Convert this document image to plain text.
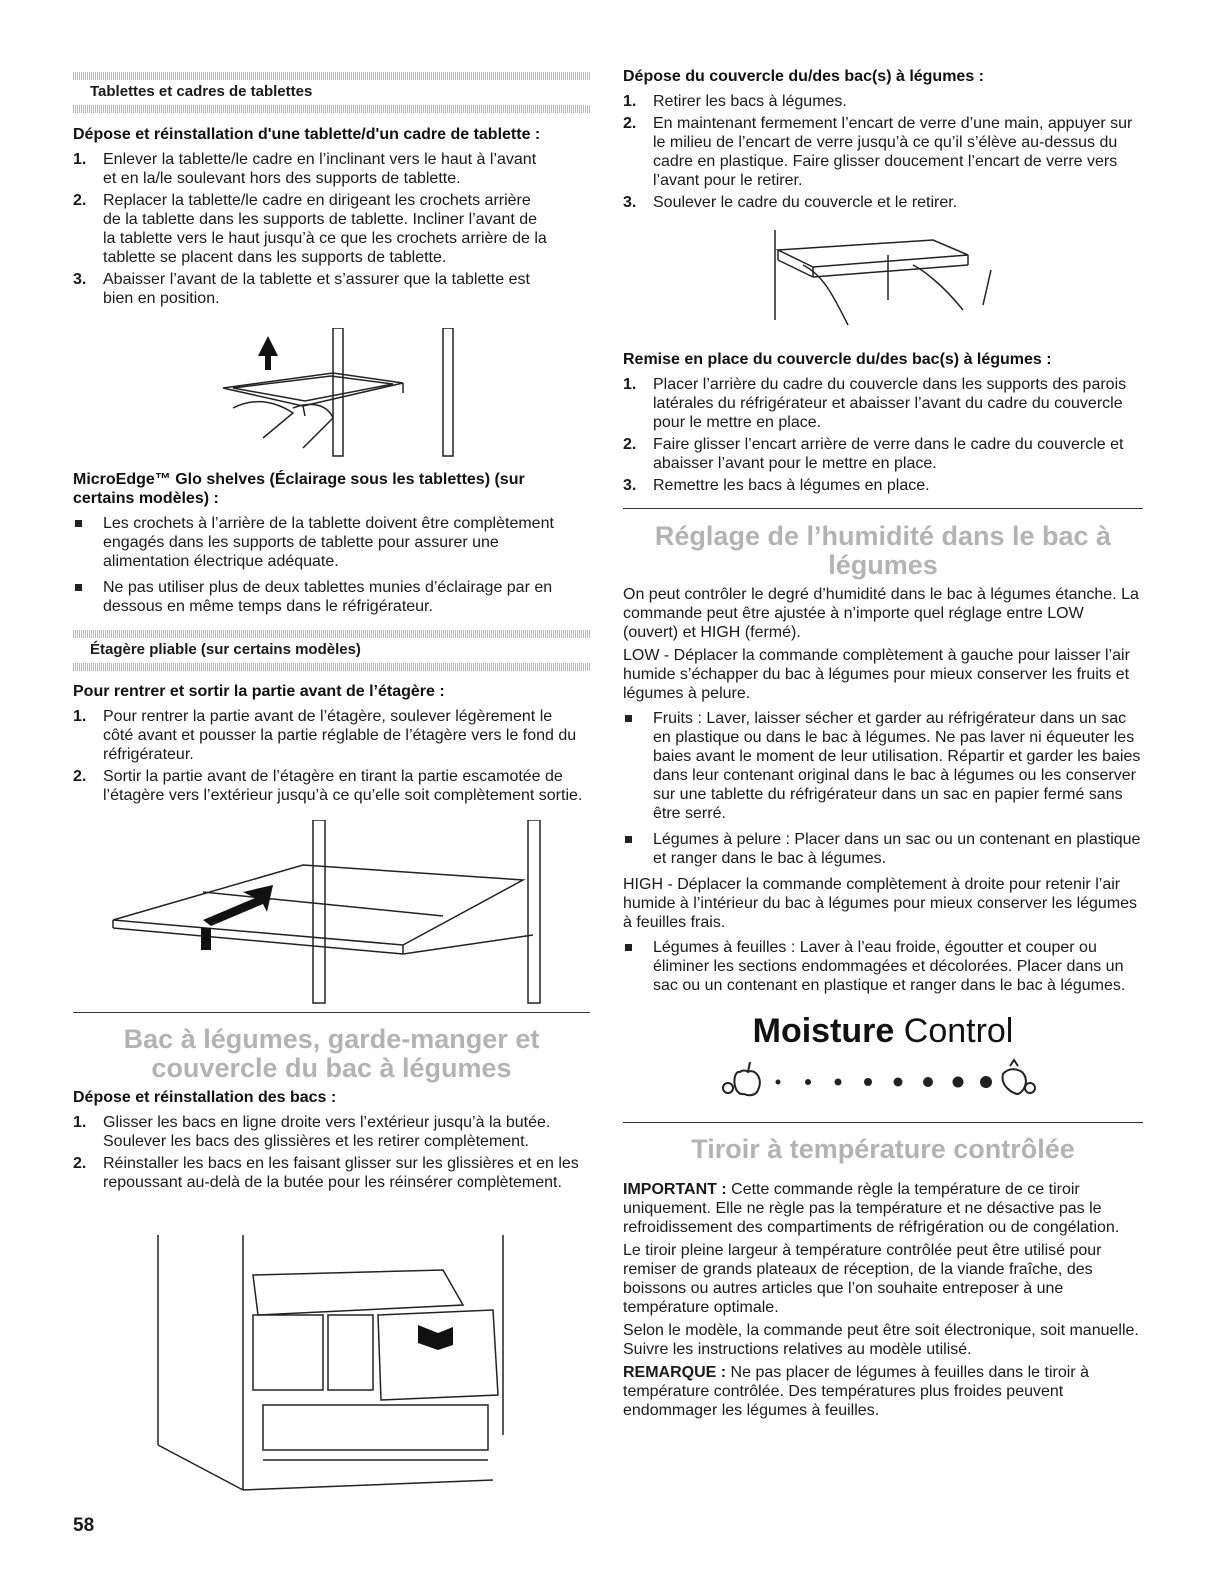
Tablettes et cadres de tablettes
Dépose et réinstallation d'une tablette/d'un cadre de tablette :
1. Enlever la tablette/le cadre en l’inclinant vers le haut à l’avant et en la/le soulevant hors des supports de tablette.
2. Replacer la tablette/le cadre en dirigeant les crochets arrière de la tablette dans les supports de tablette. Incliner l’avant de la tablette vers le haut jusqu’à ce que les crochets arrière de la tablette se placent dans les supports de tablette.
3. Abaisser l’avant de la tablette et s’assurer que la tablette est bien en position.
MicroEdge™ Glo shelves (Éclairage sous les tablettes) (sur certains modèles) :
Les crochets à l’arrière de la tablette doivent être complètement engagés dans les supports de tablette pour assurer une alimentation électrique adéquate.
Ne pas utiliser plus de deux tablettes munies d’éclairage par en dessous en même temps dans le réfrigérateur.
Étagère pliable (sur certains modèles)
Pour rentrer et sortir la partie avant de l’étagère :
1. Pour rentrer la partie avant de l’étagère, soulever légèrement le côté avant et pousser la partie réglable de l’étagère vers le fond du réfrigérateur.
2. Sortir la partie avant de l’étagère en tirant la partie escamotée de l’étagère vers l’extérieur jusqu’à ce qu’elle soit complètement sortie.
Bac à légumes, garde-manger et
couvercle du bac à légumes
Dépose et réinstallation des bacs :
1. Glisser les bacs en ligne droite vers l’extérieur jusqu’à la butée. Soulever les bacs des glissières et les retirer complètement.
2. Réinstaller les bacs en les faisant glisser sur les glissières et en les repoussant au-delà de la butée pour les réinsérer complètement.
58
Dépose du couvercle du/des bac(s) à légumes :
1. Retirer les bacs à légumes.
2. En maintenant fermement l’encart de verre d’une main, appuyer sur le milieu de l’encart de verre jusqu’à ce qu’il s’élève au-dessus du cadre en plastique. Faire glisser doucement l’encart de verre vers l’avant pour le retirer.
3. Soulever le cadre du couvercle et le retirer.
Remise en place du couvercle du/des bac(s) à légumes :
1. Placer l’arrière du cadre du couvercle dans les supports des parois latérales du réfrigérateur et abaisser l’avant du cadre du couvercle pour le mettre en place.
2. Faire glisser l’encart arrière de verre dans le cadre du couvercle et abaisser l’avant pour le mettre en place.
3. Remettre les bacs à légumes en place.
Réglage de l’humidité dans le bac à
légumes

On peut contrôler le degré d’humidité dans le bac à légumes étanche. La commande peut être ajustée à n’importe quel réglage entre LOW (ouvert) et HIGH (fermé).

LOW - Déplacer la commande complètement à gauche pour laisser l’air humide s’échapper du bac à légumes pour mieux conserver les fruits et légumes à pelure.

Fruits : Laver, laisser sécher et garder au réfrigérateur dans un sac en plastique ou dans le bac à légumes. Ne pas laver ni équeuter les baies avant le moment de leur utilisation. Répartir et garder les baies dans leur contenant original dans le bac à légumes ou les conserver sur une tablette du réfrigérateur dans un sac en papier fermé sans être serré.
Légumes à pelure : Placer dans un sac ou un contenant en plastique et ranger dans le bac à légumes.

HIGH - Déplacer la commande complètement à droite pour retenir l’air humide à l’intérieur du bac à légumes pour mieux conserver les légumes à feuilles frais.

Légumes à feuilles : Laver à l’eau froide, égoutter et couper ou éliminer les sections endommagées et décolorées. Placer dans un sac ou un contenant en plastique et ranger dans le bac à légumes.
Moisture Control
Tiroir à température contrôlée

IMPORTANT : Cette commande règle la température de ce tiroir uniquement. Elle ne règle pas la température et ne désactive pas le refroidissement des compartiments de réfrigération ou de congélation.

Le tiroir pleine largeur à température contrôlée peut être utilisé pour remiser de grands plateaux de réception, de la viande fraîche, des boissons ou autres articles que l’on souhaite entreposer à une température optimale.

Selon le modèle, la commande peut être soit électronique, soit manuelle. Suivre les instructions relatives au modèle utilisé.

REMARQUE : Ne pas placer de légumes à feuilles dans le tiroir à température contrôlée. Des températures plus froides peuvent endommager les légumes à feuilles.
